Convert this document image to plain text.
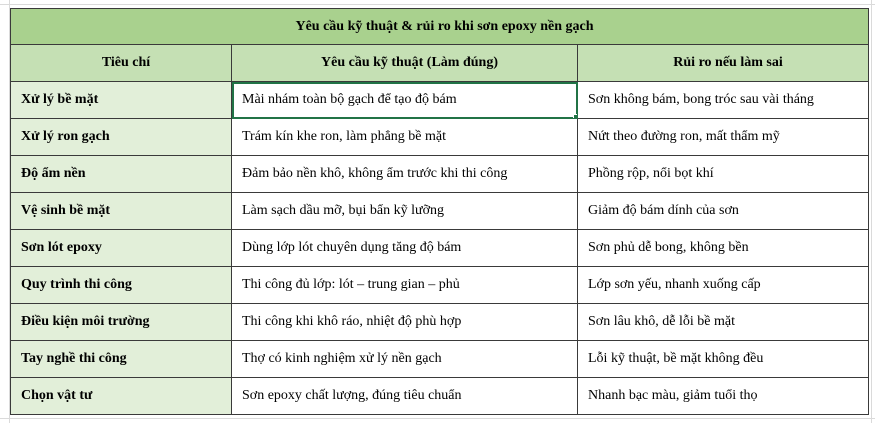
Yêu cầu kỹ thuật & rủi ro khi sơn epoxy nền gạch		
Tiêu chí	Yêu cầu kỹ thuật (Làm đúng)	Rủi ro nếu làm sai
Xử lý bề mặt	Mài nhám toàn bộ gạch để tạo độ bám	Sơn không bám, bong tróc sau vài tháng
Xử lý ron gạch	Trám kín khe ron, làm phẳng bề mặt	Nứt theo đường ron, mất thẩm mỹ
Độ ẩm nền	Đảm bảo nền khô, không ẩm trước khi thi công	Phồng rộp, nổi bọt khí
Vệ sinh bề mặt	Làm sạch dầu mỡ, bụi bẩn kỹ lưỡng	Giảm độ bám dính của sơn
Sơn lót epoxy	Dùng lớp lót chuyên dụng tăng độ bám	Sơn phủ dễ bong, không bền
Quy trình thi công	Thi công đủ lớp: lót – trung gian – phủ	Lớp sơn yếu, nhanh xuống cấp
Điều kiện môi trường	Thi công khi khô ráo, nhiệt độ phù hợp	Sơn lâu khô, dễ lỗi bề mặt
Tay nghề thi công	Thợ có kinh nghiệm xử lý nền gạch	Lỗi kỹ thuật, bề mặt không đều
Chọn vật tư	Sơn epoxy chất lượng, đúng tiêu chuẩn	Nhanh bạc màu, giảm tuổi thọ
